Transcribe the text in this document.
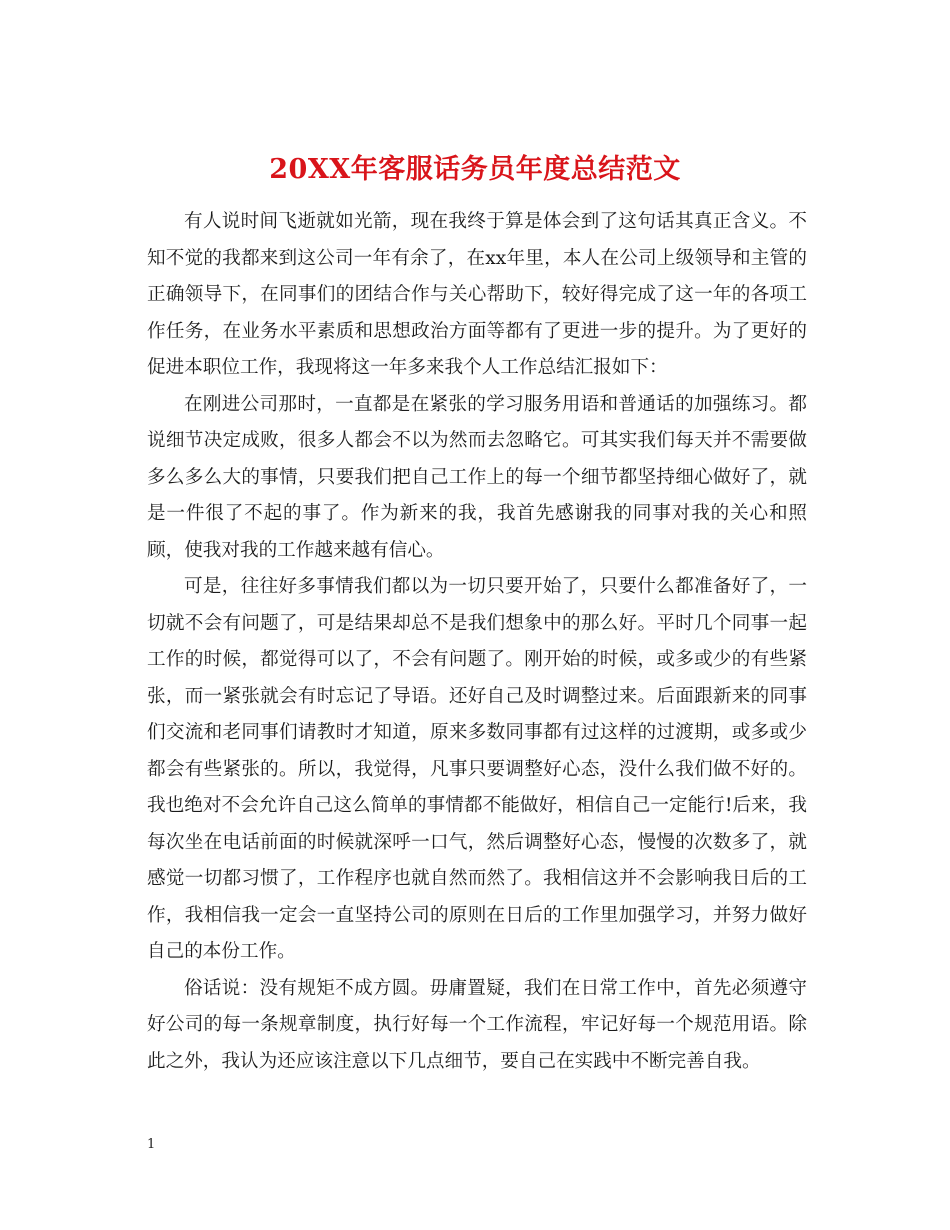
20XX年客服话务员年度总结范文

有人说时间飞逝就如光箭，现在我终于算是体会到了这句话其真正含义。不知不觉的我都来到这公司一年有余了，在xx年里，本人在公司上级领导和主管的正确领导下，在同事们的团结合作与关心帮助下，较好得完成了这一年的各项工作任务，在业务水平素质和思想政治方面等都有了更进一步的提升。为了更好的促进本职位工作，我现将这一年多来我个人工作总结汇报如下：

在刚进公司那时，一直都是在紧张的学习服务用语和普通话的加强练习。都说细节决定成败，很多人都会不以为然而去忽略它。可其实我们每天并不需要做多么多么大的事情，只要我们把自己工作上的每一个细节都坚持细心做好了，就是一件很了不起的事了。作为新来的我，我首先感谢我的同事对我的关心和照顾，使我对我的工作越来越有信心。

可是，往往好多事情我们都以为一切只要开始了，只要什么都准备好了，一切就不会有问题了，可是结果却总不是我们想象中的那么好。平时几个同事一起工作的时候，都觉得可以了，不会有问题了。刚开始的时候，或多或少的有些紧张，而一紧张就会有时忘记了导语。还好自己及时调整过来。后面跟新来的同事们交流和老同事们请教时才知道，原来多数同事都有过这样的过渡期，或多或少都会有些紧张的。所以，我觉得，凡事只要调整好心态，没什么我们做不好的。我也绝对不会允许自己这么简单的事情都不能做好，相信自己一定能行!后来，我每次坐在电话前面的时候就深呼一口气，然后调整好心态，慢慢的次数多了，就感觉一切都习惯了，工作程序也就自然而然了。我相信这并不会影响我日后的工作，我相信我一定会一直坚持公司的原则在日后的工作里加强学习，并努力做好自己的本份工作。

俗话说：没有规矩不成方圆。毋庸置疑，我们在日常工作中，首先必须遵守好公司的每一条规章制度，执行好每一个工作流程，牢记好每一个规范用语。除此之外，我认为还应该注意以下几点细节，要自己在实践中不断完善自我。

1
